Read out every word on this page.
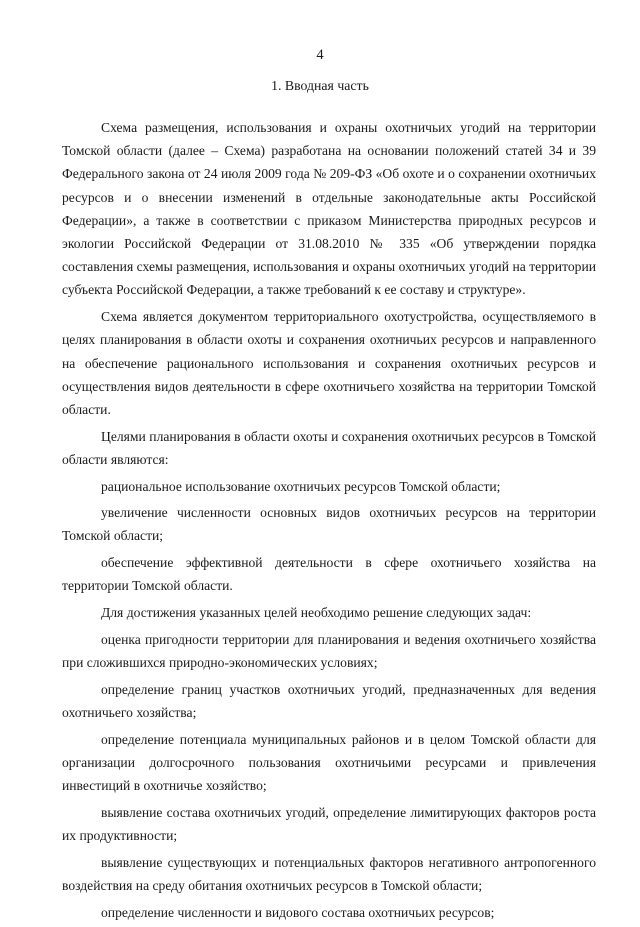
4
1. Вводная часть

Схема размещения, использования и охраны охотничьих угодий на территории Томской области (далее – Схема) разработана на основании положений статей 34 и 39 Федерального закона от 24 июля 2009 года № 209-ФЗ «Об охоте и о сохранении охотничьих ресурсов и о внесении изменений в отдельные законодательные акты Российской Федерации», а также в соответствии с приказом Министерства природных ресурсов и экологии Российской Федерации от 31.08.2010 № 335 «Об утверждении порядка составления схемы размещения, использования и охраны охотничьих угодий на территории субъекта Российской Федерации, а также требований к ее составу и структуре».

Схема является документом территориального охотустройства, осуществляемого в целях планирования в области охоты и сохранения охотничьих ресурсов и направленного на обеспечение рационального использования и сохранения охотничьих ресурсов и осуществления видов деятельности в сфере охотничьего хозяйства на территории Томской области.

Целями планирования в области охоты и сохранения охотничьих ресурсов в Томской области являются:

рациональное использование охотничьих ресурсов Томской области;

увеличение численности основных видов охотничьих ресурсов на территории Томской области;

обеспечение эффективной деятельности в сфере охотничьего хозяйства на территории Томской области.

Для достижения указанных целей необходимо решение следующих задач:

оценка пригодности территории для планирования и ведения охотничьего хозяйства при сложившихся природно-экономических условиях;

определение границ участков охотничьих угодий, предназначенных для ведения охотничьего хозяйства;

определение потенциала муниципальных районов и в целом Томской области для организации долгосрочного пользования охотничьими ресурсами и привлечения инвестиций в охотничье хозяйство;

выявление состава охотничьих угодий, определение лимитирующих факторов роста их продуктивности;

выявление существующих и потенциальных факторов негативного антропогенного воздействия на среду обитания охотничьих ресурсов в Томской области;

определение численности и видового состава охотничьих ресурсов;
